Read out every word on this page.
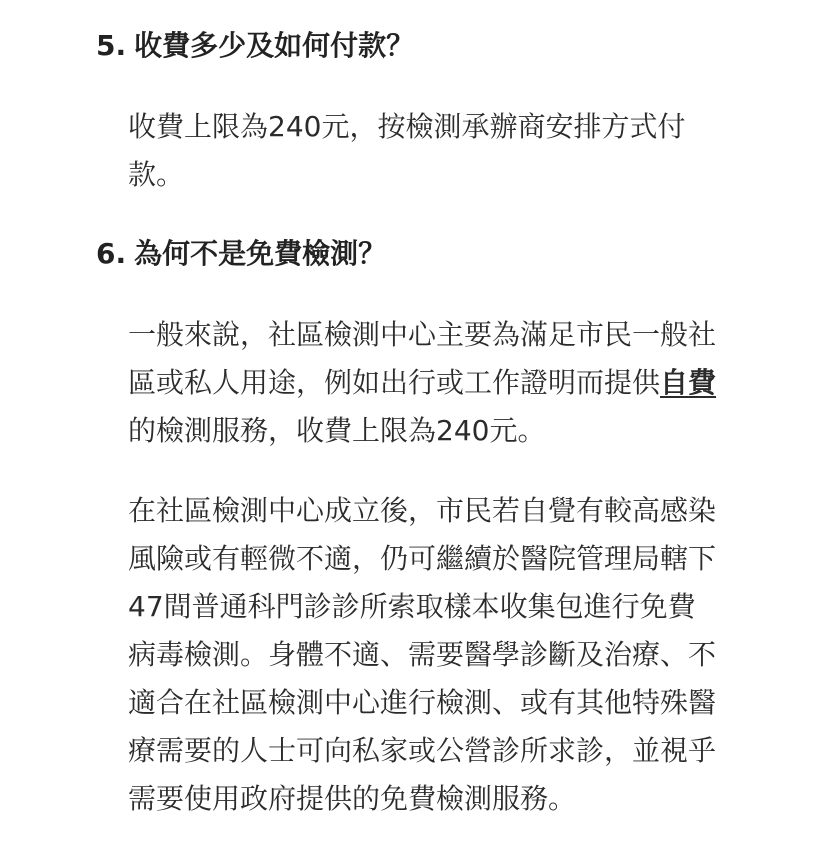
5. 收費多少及如何付款？

收費上限為240元，按檢測承辦商安排方式付
款。

6. 為何不是免費檢測？

一般來說，社區檢測中心主要為滿足市民一般社
區或私人用途，例如出行或工作證明而提供自費
的檢測服務，收費上限為240元。

在社區檢測中心成立後，市民若自覺有較高感染
風險或有輕微不適，仍可繼續於醫院管理局轄下
47間普通科門診診所索取樣本收集包進行免費
病毒檢測。身體不適、需要醫學診斷及治療、不
適合在社區檢測中心進行檢測、或有其他特殊醫
療需要的人士可向私家或公營診所求診，並視乎
需要使用政府提供的免費檢測服務。
